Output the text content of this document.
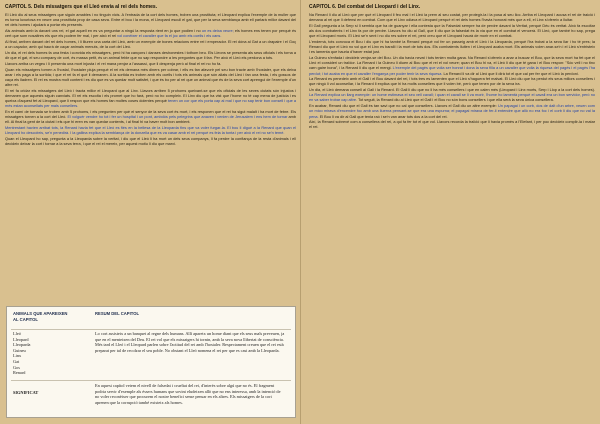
CAPITOL 5. Dels missatgers que el Lleó envia al rei dels homes.

El Lleó diu al seus missatgers que siguin amables i no tinguin vicis. A l'entrada de la cort dels homes, troben una prostituta; el Lleopard explica l'exemple de la muller que es torna luxuriosa en veure una prostituta prop de casa seva. Entre el bou i la mona, el Lleopard escull el gat, que per la seva semblança amb ell parlarà millor davant del rei dels homes i ajudarà a portar els presents.

Als animals amb la davant uns rei, el gat aquell en es va preguntar a ningú la resposta rient en jo que podien i no un es deixa veure; els homes ens tenen por perquè és cert que som nosaltres els que els podem fer mal, i per això el rei vol conèixer el cavaller que fa el joc amb els ocells i els cans.

Al final, arriben davant del rei dels homes, i li lliuren una carta del Lleó, amb un exemple de bones relacions entre rei i emperador. El rei dóna al Gat a un drapaire i el Goç a un caçador, amb qui haurà de caçar animals menuts, de la cort del Lleó.

Un dia, el rei dels homes fa una festa i convida els missatgers, però hi ha cançons i danses deshonestes i tothom beu. Els Lleons se presenta als seus oficials i els torna a dir que el gat, el seu company de cort, és massa petit, és un animal feble que no sap respondre a les preguntes que li fan. Per això el Lleó els perdona a tots.

Llavors arriba un vegeu i li presenta una mort injusta i el rei mana penjar a l'assassí, que li despenja però al final el rei no ho fa.

Quan els missatgers tornen a l'hostal, l'hostaler pluja perquè el rei els demana més diners per cobrar, i ells es fan afavorir pel seu bon tracte amb l'hostaler, que els deixa anar i els paga a la sortida; i que el rei fa el què li demanen. A la sortida es troben amb els ocells i tots els animals que són aliats del Lleó i fan una festa, i els gossos de caça els lladren. El rei es mostra molt content i es diu que es va quedar molt satisfet, i que és bo per al rei que un animal que és de la seva cort aprengui de l'exemple d'un altre rei.

El rei fa cridar els missatgers del Lleó i tracta millor el Lleopard que al Linx. Llavors arriben 5 prohoms queixant-se que els oficials de les seves ciutats són injustos i demanen que aquests siguin canviats. El rei els escolta i els promet que ho farà, però no ho compleix. El Linx diu que ha vist que l'home no té cap mena de justícia i es queixa d'aquest fet al Lleopard, que li respon que els homes fan moltes coses dolentes perquè tenen un cor que els porta cap al mal i que no sap tenir bon consell i que a més estan aconsellats per mals consellers.

En el camí de tornada se troben amb 5 prohoms, i els pregunten per què el senyor de la seva cort és mort, i els responen que el rei ha sigut malalt i ha mort de febre. Els missatgers tornen a la cort del Lleó. El volguér vendre ho tot i fer un hospital i un pont, ambdós pels pelegrins que anaven i venien de Jerusalem i ens hem de tornar amb ell. Al final la gent de la ciutat i els que hi eren es van quedar contents, i al final hi va haver molt bon ambient.

Mentrestant havien arribat tots, la Renard havia fet que el Lleó es fiés en la bellesa de la Lleoparda fins que va voler furgar-la. El bou li diguè a la Renard que quan el Lleopard ho descobrís, se'n penedirà. I la gallina explica la semblança de la donzella que es va casar amb el rei perquè es feia la tonta i per això el rei no se'n temé.

Quan el Lleopard ho sap, pregunta a la Lleoparda sobre la veritat, i diu que el Lleó li ha mort un dels seus companys, li fa perdre la confiança de la resta d'animals i ell decideix deixar la cort i tornar a la seva terra, i que el rei el mereix, per aquest motiu li diu que marxi.

ANIMALS QUE APAREIXEN AL CAPITOL
RESUM DEL CAPITOL
Lleó
Lleopard
Lleoparda
Guineu
Linx
Gat
Gos
Renard

Lo cort assisteix a un banquet al regne dels humans. Allí aparetx un home diant que els seus mals preveuen, ja que en el menteixen del Deu. El rei vol que els missatgers hi tornin, amb la seva nova llibertat de consciència. Més tard el Lleó i el Lleopard parlen sobre l'actitud del rei amb l'hostaler. Respectament creuen que el rei està preparat per tal de recolzar el seu poble. No obstant el Lleó nomena el rei per que es casi amb la Lleoparda.

SIGNIFICAT

En aquest capítol veiem el nivell de falsedat i crueltat del rei, d'interès sobre algú que no és. El fragment podria servir d'exemple als éssers humans que sovint eludeixen allò que no ens interessa, amb la intenció de no voler reconèixer que procurem el nostre benefici sense pensar en els altres. Els missatgers de la cort aprenen que la corrupció també existeix als homes.

CAPITOL 6. Del combat del Lleopard i del Linx.

Na Renard li diu al Lleó que per què el Lleopard li feu mal i el Lleó la prem al seu costat, per protegir-la i la posa al seu lloc. Arriba el Lleopard i acusa el rei de traició i demana al rei que li defensi en combat. Com que el Linx odiava el Lleopard perquè el rei dels homes l'havia honorat més que a ell, el Linx s'ofereix a lluitar.

El Gall pregunta a la Serp si li sembla que ha de guanyar i ella contesta que la Falsedat sempre ha de perdre davant la Veritat, perquè Déu és veritat. Això fa escoltar als dos combatents i el Linx fa por de perdre. Llavors ho diu al Gall, que li diu que la falsedat és la via que en el combat el vencerà. El Lleó, que també ho sap, prega que el Lleopard morís. El Lleó se'n sent i no diu res sobre el rei, però creu que el Lleopard haurà de morir en el combat.

L'endemà, tots convoca el Bou i diu que hi ha també la Renard perquè vol fer un passeig amb el Lleó i la Lleoparda, perquè l'ha trobat a la seva llar i ho té pres; la Renard diu que el Lleó no vol que el Linx es barallí i la mort de tots dos. Els combatents lluiten i el Lleopard acaba mort. Els animals volen anar-se'n i el Lleó s'entristeix i es lamenta que hauria d'haver estat just.

La Guineu s'enfada i decideix venjar-se del Bou. Un dia havia nevat i tots tenien molta gana. Na Renard s'ofereix a anar a buscar el Bou, que la seva mort ha fet que el Lleó el consideri un traïdor. La Renard i la Guineu li diuen al Bou que el rei el vol veure; quan el Bou hi va, el Lleó li diu que té gana i el Bou respon: "Sóc vell i no tinc carn gaire bona", i la Renard li diu que el mengi. L'exemple del pagès que volia ser honrat i dona la seva filla a un cavaller que volia la riquesa del pagès i el pagès l'ha perdut; i tot acaba en que el cavaller l'enganya per poder tenir la seva riquesa. La Renard li va dir al Lleó que li dirà tot el que cal per fer que el Lleó la perdoni.

La Renard es penedeix amb el Gall i el Bou davant del rei, i tots tres es lamenten que el Lleó s'haguera fet malvat. El Lleó diu que ha perdut els seus millors consellers i que ningú li vol aconsellar, i la Renard li explica que hi ha molts consellers que li volen bé, però que tenen por de la seva ira.

Un dia, el Lleó demana consell al Gall i la Renard. El Gall li diu que no li ha més consellers i que en calen més (Lleopard i Linx morts, Serp i Llop a la cort dels homes). La Renard explica un llarg exemple: un home estimava el seu vell cavall; i quan el cavall se li va morir, l'home ho lamentà perquè el cavall era un bon servidor, però no en va saber trobar cap altre. Tot seguit, la Renard diu al Lleó que el Gall i el Bou no són bons consellers i que ella serà la seva única consellera.

En acabar, Renard diu que el Gall és tan savi que no cal que consellers. Llavors el Gall diu un altre exemple: Un papagai i un corb, dos de dalt d'un arbre, veuen com un mico mirava d'encendre foc amb una lluerna pensant-se que era una espurna; el papagai mirava de fer-li entendre que allò no era foc i el corb li diu que no val la pena. El Bou li va dir al Gall que tenia raó i se'n van anar tots dos a la cort del rei.

Així, la Renard sobrevé com a consellera del rei, a qui fa fer tot el que vol. Llavors recorda la traïció que li havia promès a l'Elefant, i per poc decideix complir-la i matar el rei.
